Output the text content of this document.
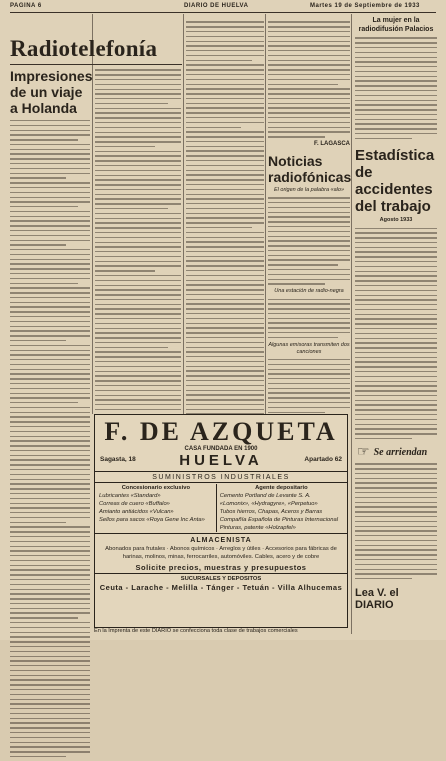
PAGINA 6	DIARIO DE HUELVA	Martes 19 de Septiembre de 1933
Radiotelefonía
Impresiones de un viaje a Holanda
F. LAGASCA
Noticias radiofónicas
El origen de la palabra «alo»
Una estación de radio-negra
Algunas emisoras transmiten dos canciones
La mujer en la radiodifusión Palacios
Estadística de accidentes del trabajo
Agosto 1933
☞ Se arriendan
Lea V. el DIARIO
F. DE AZQUETA
CASA FUNDADA EN 1900
Sagasta, 18	HUELVA	Apartado 62
SUMINISTROS INDUSTRIALES
Concesionario exclusivo
Lubricantes «Standard»
Correas de cuero «Buffalo»
Amianto antiácidos «Vulcan»
Sellos para sacos «Roya Gene Inc Anta»
Agente depositario
Cemento Portland de Levante S. A.
«Lomonix», «Hydragyre», «Perpetuo»
Tubos hierros, Chapas, Aceros y Barras
Compañía Española de Pinturas Internacional
Pinturas, patente «Holzapfel»
ALMACENISTA
Abonados para frutales · Abonos químicos · Arreglos y útiles · Accesorios para fábricas de harinas, molinos, minas, ferrocarriles, automóviles. Cables, acero y de cobre
Solicite precios, muestras y presupuestos
SUCURSALES Y DEPOSITOS
Ceuta - Larache - Melilla - Tánger - Tetuán - Villa Alhucemas
En la Imprenta de este DIARIO se confecciona toda clase de trabajos comerciales
